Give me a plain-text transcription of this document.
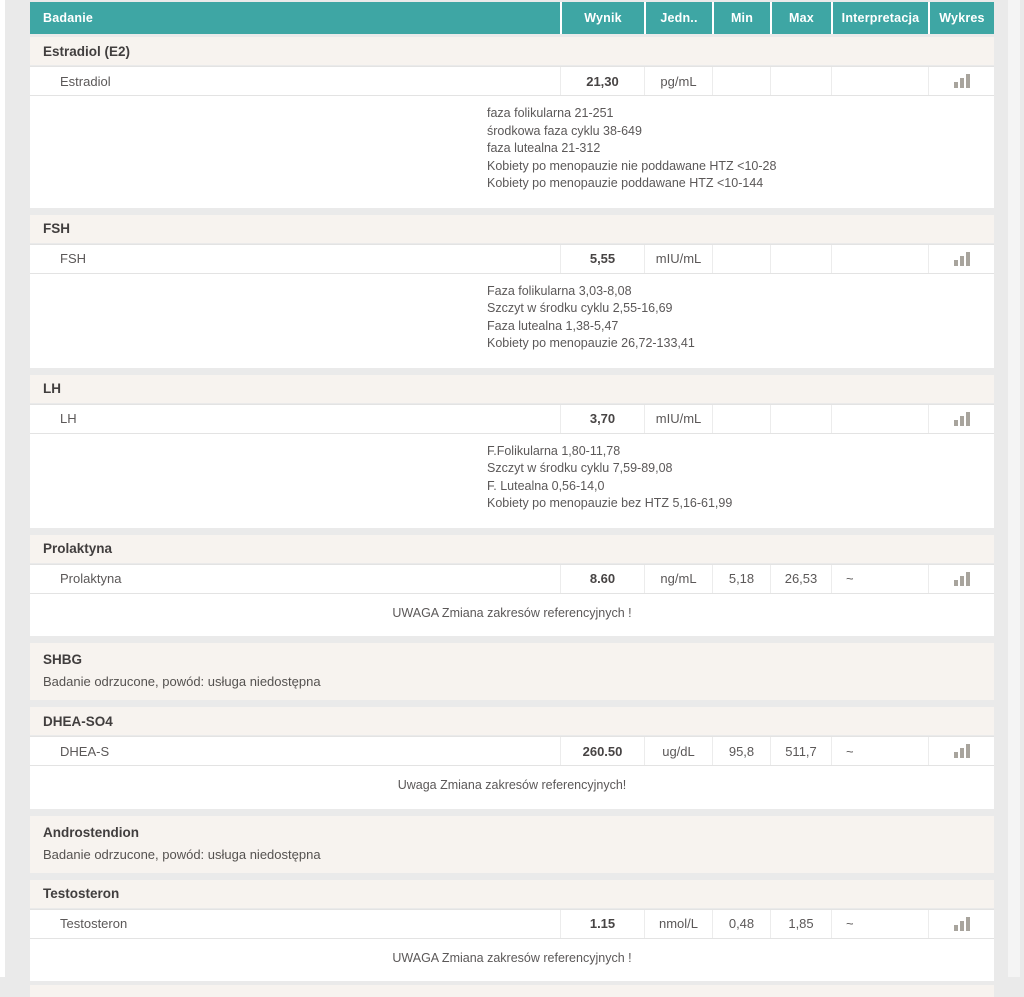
Badanie	Wynik	Jedn..	Min	Max	Interpretacja	Wykres
Estradiol (E2)
Estradiol	21,30	pg/mL
faza folikularna 21-251
środkowa faza cyklu 38-649
faza lutealna 21-312
Kobiety po menopauzie nie poddawane HTZ <10-28
Kobiety po menopauzie poddawane HTZ <10-144
FSH
FSH	5,55	mIU/mL
Faza folikularna 3,03-8,08
Szczyt w środku cyklu 2,55-16,69
Faza lutealna 1,38-5,47
Kobiety po menopauzie 26,72-133,41
LH
LH	3,70	mIU/mL
F.Folikularna 1,80-11,78
Szczyt w środku cyklu 7,59-89,08
F. Lutealna 0,56-14,0
Kobiety po menopauzie bez HTZ 5,16-61,99
Prolaktyna
Prolaktyna	8.60	ng/mL	5,18	26,53	~
UWAGA Zmiana zakresów referencyjnych !
SHBG
Badanie odrzucone, powód: usługa niedostępna
DHEA-SO4
DHEA-S	260.50	ug/dL	95,8	511,7	~
Uwaga Zmiana zakresów referencyjnych!
Androstendion
Badanie odrzucone, powód: usługa niedostępna
Testosteron
Testosteron	1.15	nmol/L	0,48	1,85	~
UWAGA Zmiana zakresów referencyjnych !
